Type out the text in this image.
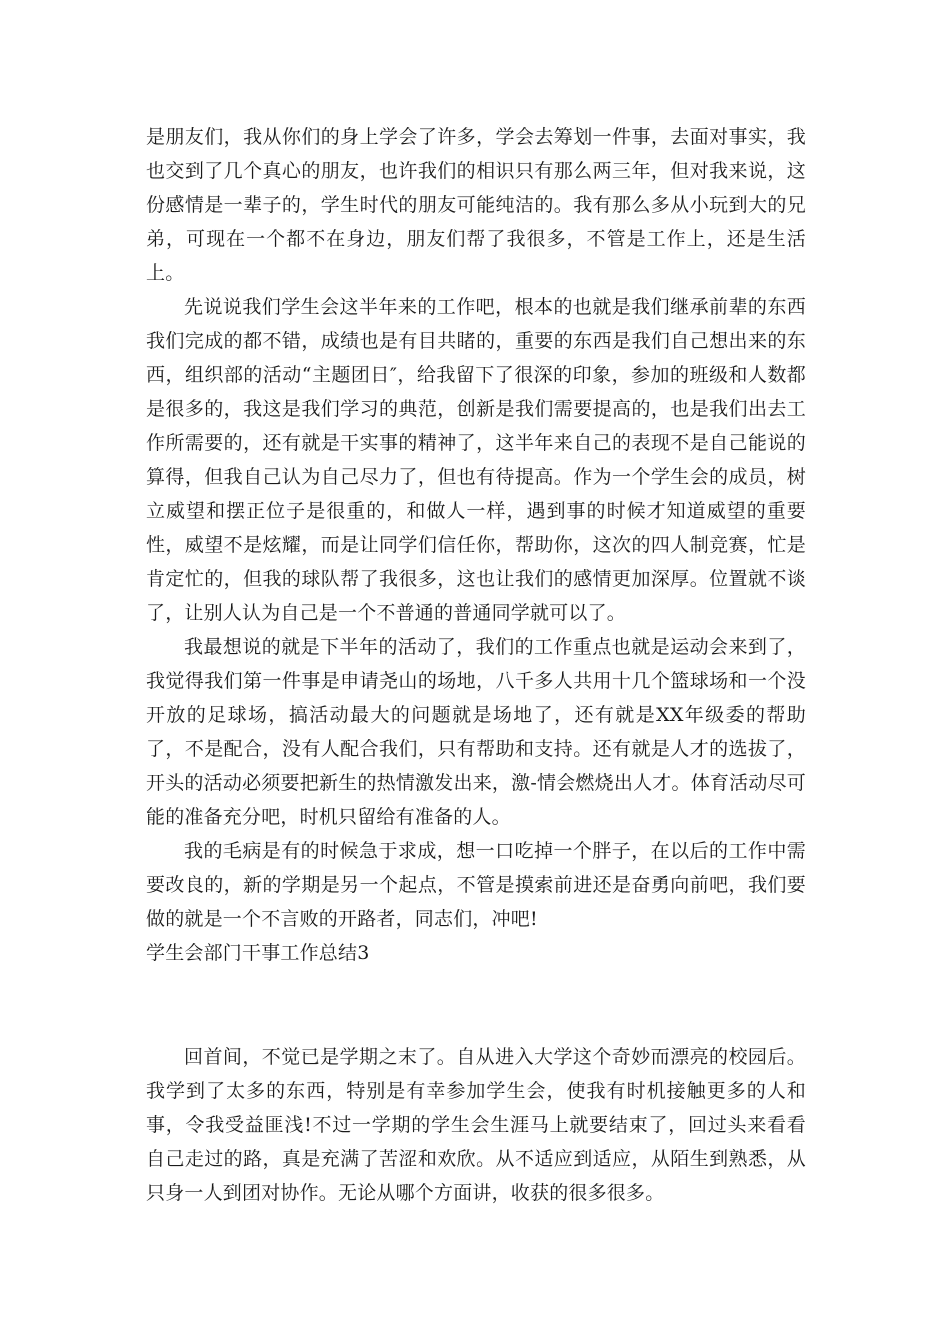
是朋友们，我从你们的身上学会了许多，学会去筹划一件事，去面对事实，我也交到了几个真心的朋友，也许我们的相识只有那么两三年，但对我来说，这份感情是一辈子的，学生时代的朋友可能纯洁的。我有那么多从小玩到大的兄弟，可现在一个都不在身边，朋友们帮了我很多，不管是工作上，还是生活上。

先说说我们学生会这半年来的工作吧，根本的也就是我们继承前辈的东西我们完成的都不错，成绩也是有目共睹的，重要的东西是我们自己想出来的东西，组织部的活动“主题团日″，给我留下了很深的印象，参加的班级和人数都是很多的，我这是我们学习的典范，创新是我们需要提高的，也是我们出去工作所需要的，还有就是干实事的精神了，这半年来自己的表现不是自己能说的算得，但我自己认为自己尽力了，但也有待提高。作为一个学生会的成员，树立威望和摆正位子是很重的，和做人一样，遇到事的时候才知道威望的重要性，威望不是炫耀，而是让同学们信任你，帮助你，这次的四人制竞赛，忙是肯定忙的，但我的球队帮了我很多，这也让我们的感情更加深厚。位置就不谈了，让别人认为自己是一个不普通的普通同学就可以了。

我最想说的就是下半年的活动了，我们的工作重点也就是运动会来到了，我觉得我们第一件事是申请尧山的场地，八千多人共用十几个篮球场和一个没开放的足球场，搞活动最大的问题就是场地了，还有就是XX年级委的帮助了，不是配合，没有人配合我们，只有帮助和支持。还有就是人才的选拔了，开头的活动必须要把新生的热情激发出来，激-情会燃烧出人才。体育活动尽可能的准备充分吧，时机只留给有准备的人。

我的毛病是有的时候急于求成，想一口吃掉一个胖子，在以后的工作中需要改良的，新的学期是另一个起点，不管是摸索前进还是奋勇向前吧，我们要做的就是一个不言败的开路者，同志们，冲吧!

学生会部门干事工作总结3

回首间，不觉已是学期之末了。自从进入大学这个奇妙而漂亮的校园后。我学到了太多的东西，特别是有幸参加学生会，使我有时机接触更多的人和事，令我受益匪浅!不过一学期的学生会生涯马上就要结束了，回过头来看看自己走过的路，真是充满了苦涩和欢欣。从不适应到适应，从陌生到熟悉，从只身一人到团对协作。无论从哪个方面讲，收获的很多很多。
